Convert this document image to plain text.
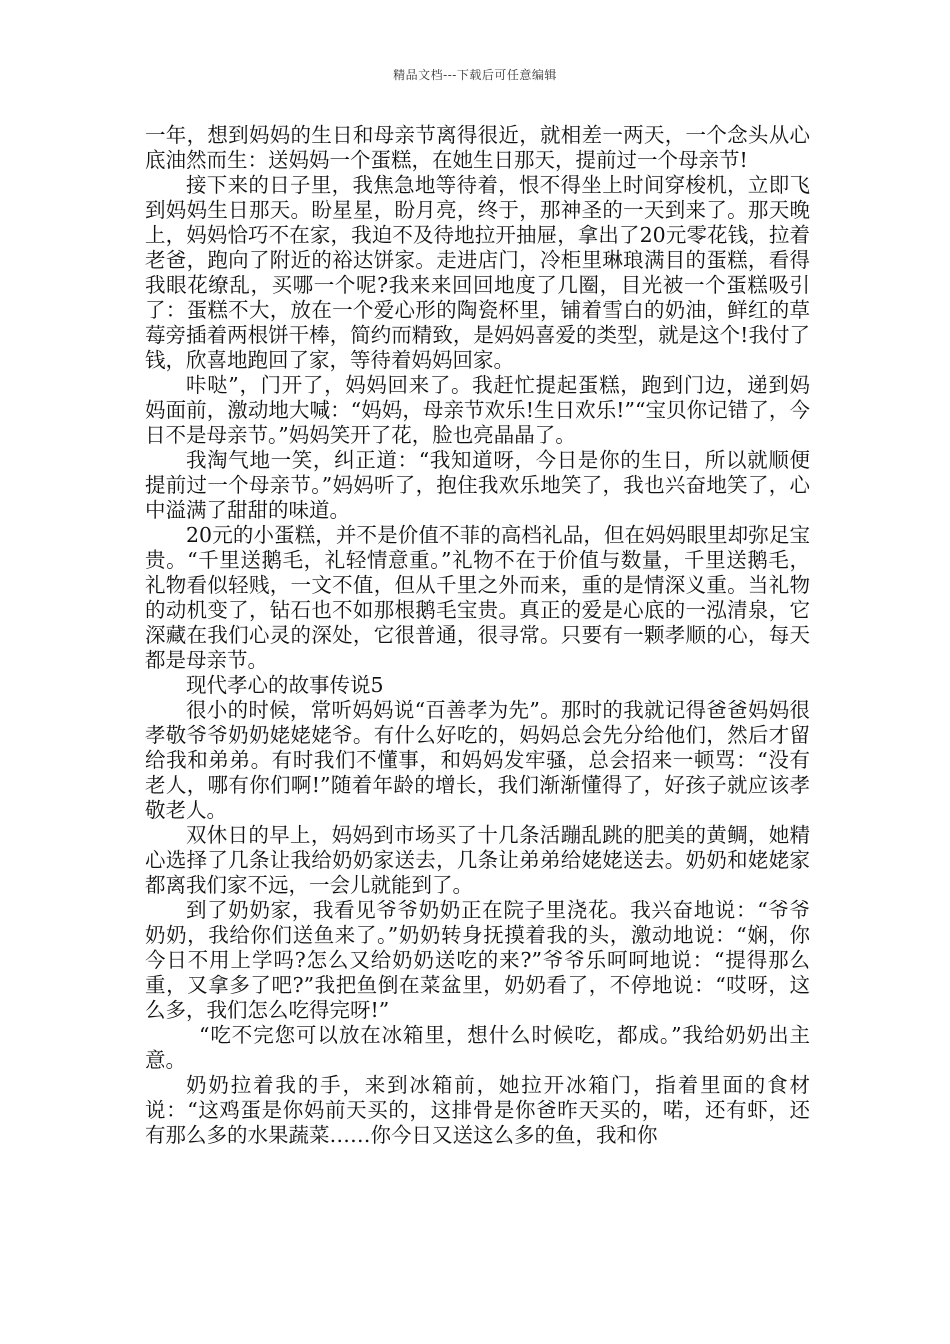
精品文档---下载后可任意编辑

一年，想到妈妈的生日和母亲节离得很近，就相差一两天，一个念头从心底油然而生：送妈妈一个蛋糕，在她生日那天，提前过一个母亲节!

接下来的日子里，我焦急地等待着，恨不得坐上时间穿梭机，立即飞到妈妈生日那天。盼星星，盼月亮，终于，那神圣的一天到来了。那天晚上，妈妈恰巧不在家，我迫不及待地拉开抽屉，拿出了20元零花钱，拉着老爸，跑向了附近的裕达饼家。走进店门，冷柜里琳琅满目的蛋糕，看得我眼花缭乱，买哪一个呢?我来来回回地度了几圈，目光被一个蛋糕吸引了：蛋糕不大，放在一个爱心形的陶瓷杯里，铺着雪白的奶油，鲜红的草莓旁插着两根饼干棒，简约而精致，是妈妈喜爱的类型，就是这个!我付了钱，欣喜地跑回了家，等待着妈妈回家。

咔哒”，门开了，妈妈回来了。我赶忙提起蛋糕，跑到门边，递到妈妈面前，激动地大喊：“妈妈，母亲节欢乐!生日欢乐!”“宝贝你记错了，今日不是母亲节。”妈妈笑开了花，脸也亮晶晶了。

我淘气地一笑，纠正道：“我知道呀，今日是你的生日，所以就顺便提前过一个母亲节。”妈妈听了，抱住我欢乐地笑了，我也兴奋地笑了，心中溢满了甜甜的味道。

20元的小蛋糕，并不是价值不菲的高档礼品，但在妈妈眼里却弥足宝贵。“千里送鹅毛，礼轻情意重。”礼物不在于价值与数量，千里送鹅毛，礼物看似轻贱，一文不值，但从千里之外而来，重的是情深义重。当礼物的动机变了，钻石也不如那根鹅毛宝贵。真正的爱是心底的一泓清泉，它深藏在我们心灵的深处，它很普通，很寻常。只要有一颗孝顺的心，每天都是母亲节。

现代孝心的故事传说5

很小的时候，常听妈妈说“百善孝为先”。那时的我就记得爸爸妈妈很孝敬爷爷奶奶姥姥姥爷。有什么好吃的，妈妈总会先分给他们，然后才留给我和弟弟。有时我们不懂事，和妈妈发牢骚，总会招来一顿骂：“没有老人，哪有你们啊!”随着年龄的增长，我们渐渐懂得了，好孩子就应该孝敬老人。

双休日的早上，妈妈到市场买了十几条活蹦乱跳的肥美的黄鲷，她精心选择了几条让我给奶奶家送去，几条让弟弟给姥姥送去。奶奶和姥姥家都离我们家不远，一会儿就能到了。

到了奶奶家，我看见爷爷奶奶正在院子里浇花。我兴奋地说：“爷爷奶奶，我给你们送鱼来了。”奶奶转身抚摸着我的头，激动地说：“娴，你今日不用上学吗?怎么又给奶奶送吃的来?”爷爷乐呵呵地说：“提得那么重，又拿多了吧?”我把鱼倒在菜盆里，奶奶看了，不停地说：“哎呀，这么多，我们怎么吃得完呀!”

“吃不完您可以放在冰箱里，想什么时候吃，都成。”我给奶奶出主意。

奶奶拉着我的手，来到冰箱前，她拉开冰箱门，指着里面的食材说：“这鸡蛋是你妈前天买的，这排骨是你爸昨天买的，喏，还有虾，还有那么多的水果蔬菜……你今日又送这么多的鱼，我和你
